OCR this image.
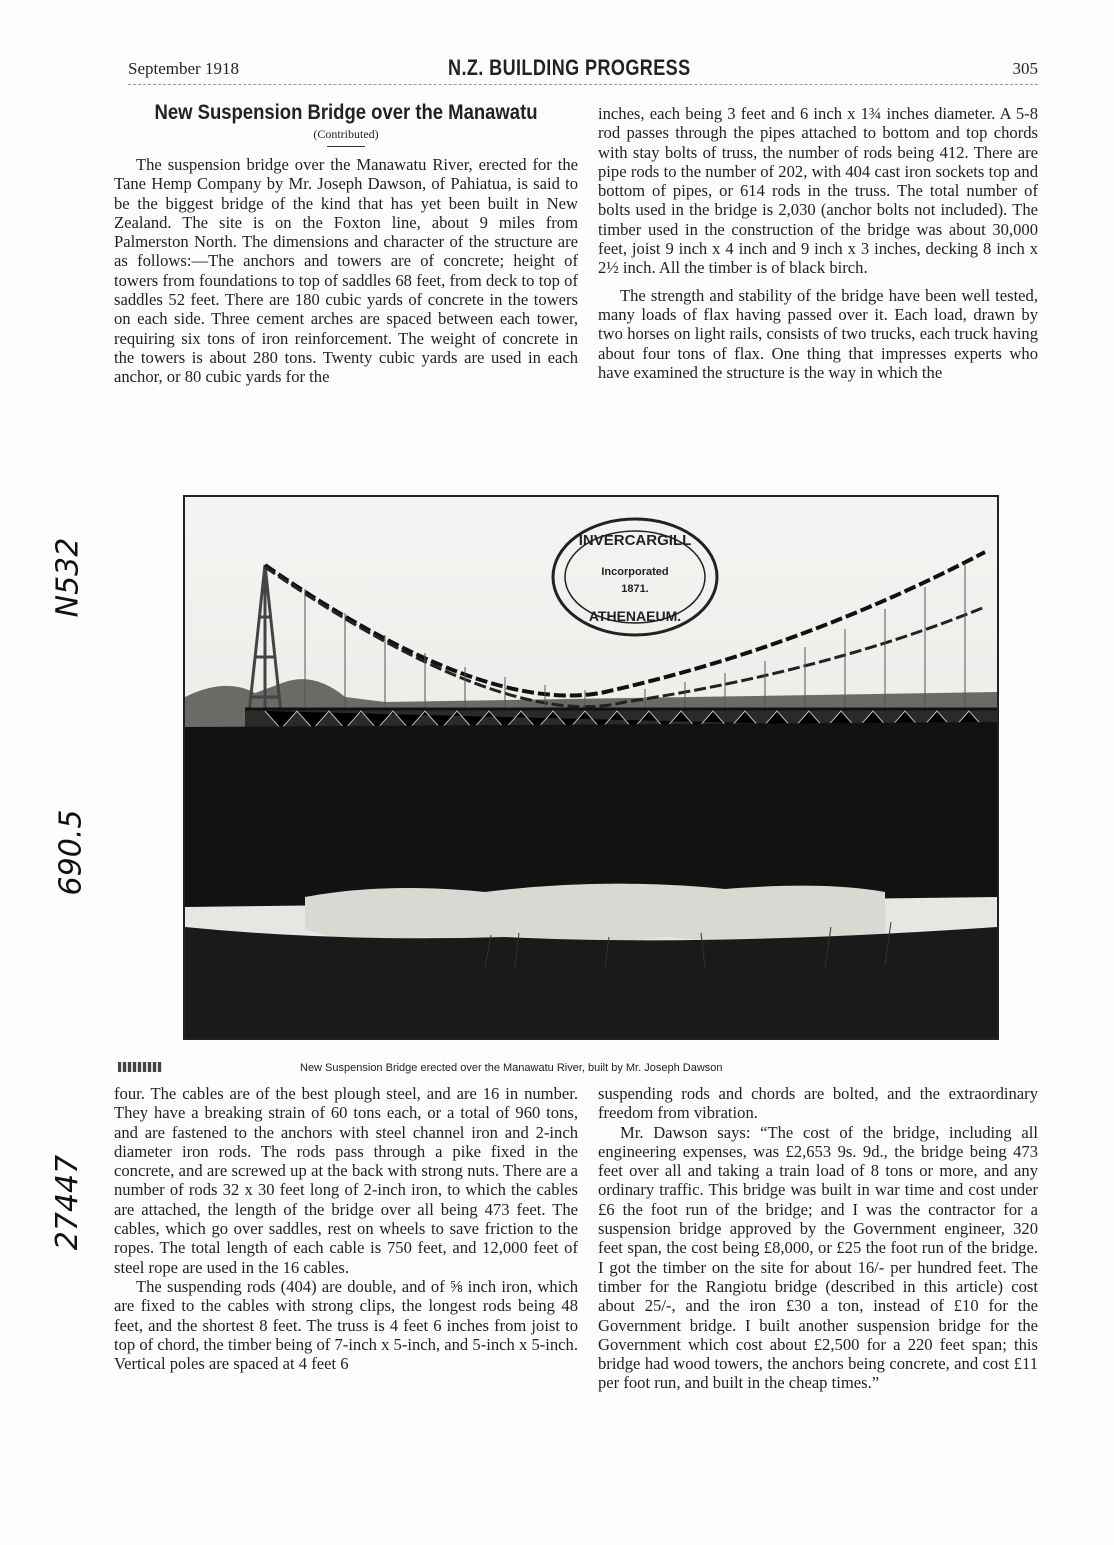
September 1918	N.Z. BUILDING PROGRESS	305
New Suspension Bridge over the Manawatu
(Contributed)

The suspension bridge over the Manawatu River, erected for the Tane Hemp Company by Mr. Joseph Dawson, of Pahiatua, is said to be the biggest bridge of the kind that has yet been built in New Zealand. The site is on the Foxton line, about 9 miles from Palmerston North. The dimensions and character of the structure are as follows:—The anchors and towers are of concrete; height of towers from foundations to top of saddles 68 feet, from deck to top of saddles 52 feet. There are 180 cubic yards of concrete in the towers on each side. Three cement arches are spaced between each tower, requiring six tons of iron reinforcement. The weight of concrete in the towers is about 280 tons. Twenty cubic yards are used in each anchor, or 80 cubic yards for the

inches, each being 3 feet and 6 inch x 1¾ inches diameter. A 5-8 rod passes through the pipes attached to bottom and top chords with stay bolts of truss, the number of rods being 412. There are pipe rods to the number of 202, with 404 cast iron sockets top and bottom of pipes, or 614 rods in the truss. The total number of bolts used in the bridge is 2,030 (anchor bolts not included). The timber used in the construction of the bridge was about 30,000 feet, joist 9 inch x 4 inch and 9 inch x 3 inches, decking 8 inch x 2½ inch. All the timber is of black birch.

The strength and stability of the bridge have been well tested, many loads of flax having passed over it. Each load, drawn by two horses on light rails, consists of two trucks, each truck having about four tons of flax. One thing that impresses experts who have examined the structure is the way in which the

INVERCARGILL
Incorporated
1871.
ATHENAEUM.
New Suspension Bridge erected over the Manawatu River, built by Mr. Joseph Dawson

four. The cables are of the best plough steel, and are 16 in number. They have a breaking strain of 60 tons each, or a total of 960 tons, and are fastened to the anchors with steel channel iron and 2-inch diameter iron rods. The rods pass through a pike fixed in the concrete, and are screwed up at the back with strong nuts. There are a number of rods 32 x 30 feet long of 2-inch iron, to which the cables are attached, the length of the bridge over all being 473 feet. The cables, which go over saddles, rest on wheels to save friction to the ropes. The total length of each cable is 750 feet, and 12,000 feet of steel rope are used in the 16 cables.

The suspending rods (404) are double, and of ⅝ inch iron, which are fixed to the cables with strong clips, the longest rods being 48 feet, and the shortest 8 feet. The truss is 4 feet 6 inches from joist to top of chord, the timber being of 7-inch x 5-inch, and 5-inch x 5-inch. Vertical poles are spaced at 4 feet 6

suspending rods and chords are bolted, and the extraordinary freedom from vibration.

Mr. Dawson says: “The cost of the bridge, including all engineering expenses, was £2,653 9s. 9d., the bridge being 473 feet over all and taking a train load of 8 tons or more, and any ordinary traffic. This bridge was built in war time and cost under £6 the foot run of the bridge; and I was the contractor for a suspension bridge approved by the Government engineer, 320 feet span, the cost being £8,000, or £25 the foot run of the bridge. I got the timber on the site for about 16/- per hundred feet. The timber for the Rangiotu bridge (described in this article) cost about 25/-, and the iron £30 a ton, instead of £10 for the Government bridge. I built another suspension bridge for the Government which cost about £2,500 for a 220 feet span; this bridge had wood towers, the anchors being concrete, and cost £11 per foot run, and built in the cheap times.”

N532
690.5
27447
